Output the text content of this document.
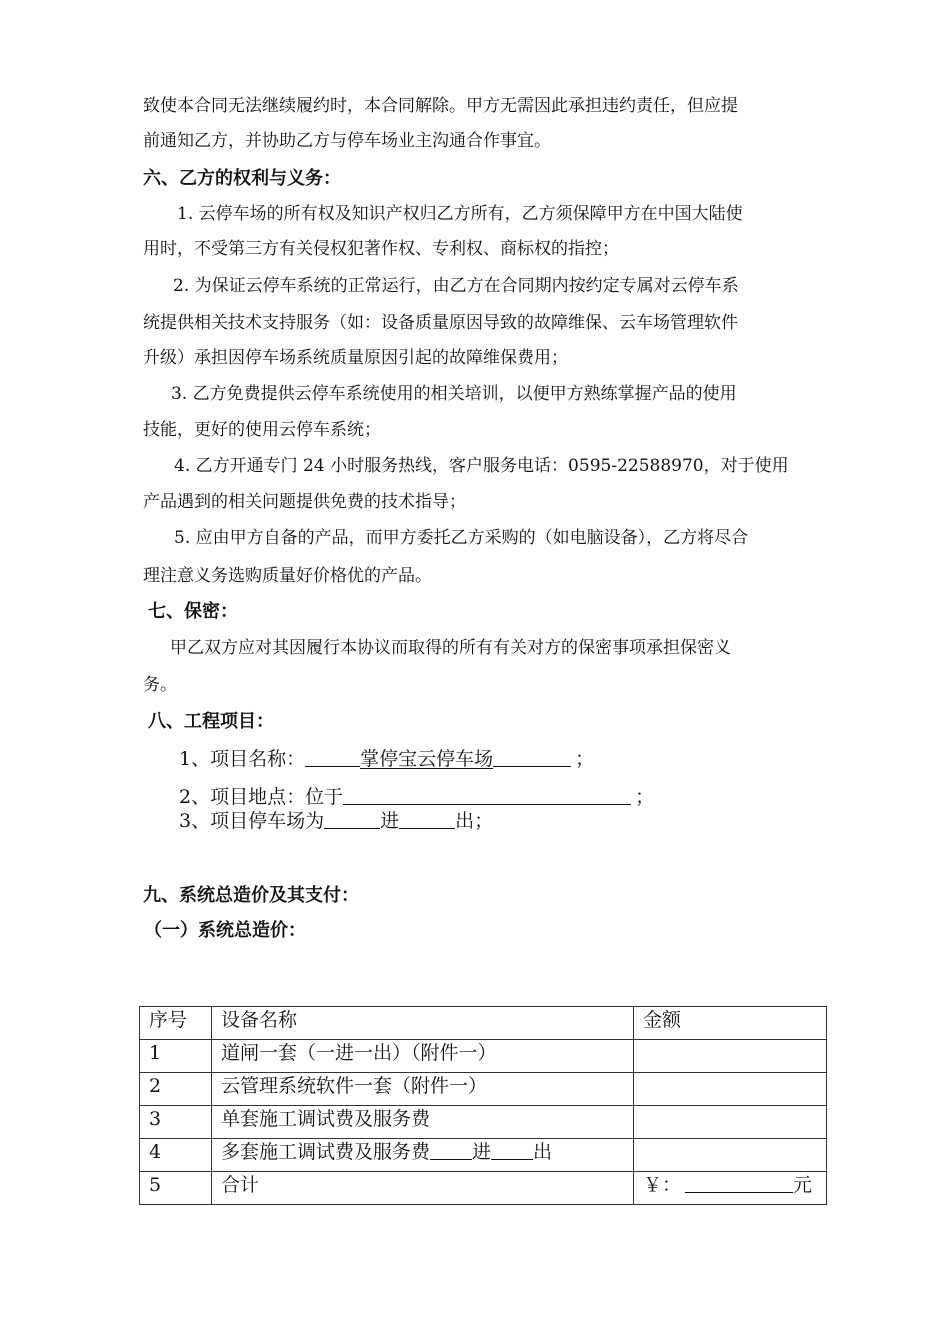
致使本合同无法继续履约时，本合同解除。甲方无需因此承担违约责任，但应提
前通知乙方，并协助乙方与停车场业主沟通合作事宜。
六、乙方的权利与义务：
1. 云停车场的所有权及知识产权归乙方所有，乙方须保障甲方在中国大陆使
用时，不受第三方有关侵权犯著作权、专利权、商标权的指控；
2. 为保证云停车系统的正常运行，由乙方在合同期内按约定专属对云停车系
统提供相关技术支持服务（如：设备质量原因导致的故障维保、云车场管理软件
升级）承担因停车场系统质量原因引起的故障维保费用；
3. 乙方免费提供云停车系统使用的相关培训，以便甲方熟练掌握产品的使用
技能，更好的使用云停车系统；
4. 乙方开通专门 24 小时服务热线，客户服务电话：0595-22588970，对于使用
产品遇到的相关问题提供免费的技术指导；
5. 应由甲方自备的产品，而甲方委托乙方采购的（如电脑设备），乙方将尽合
理注意义务选购质量好价格优的产品。
七、保密：
甲乙双方应对其因履行本协议而取得的所有有关对方的保密事项承担保密义
务。
八、工程项目：
1、项目名称：	掌停宝云停车场	；
2、项目地点：位于	；
3、项目停车场为	进	出；
九、系统总造价及其支付：
（一）系统总造价：
序号	设备名称	金额
1	道闸一套（一进一出）（附件一）	
2	云管理系统软件一套（附件一）	
3	单套施工调试费及服务费	
4	多套施工调试费及服务费 进 出	
5	合计	￥： 元
